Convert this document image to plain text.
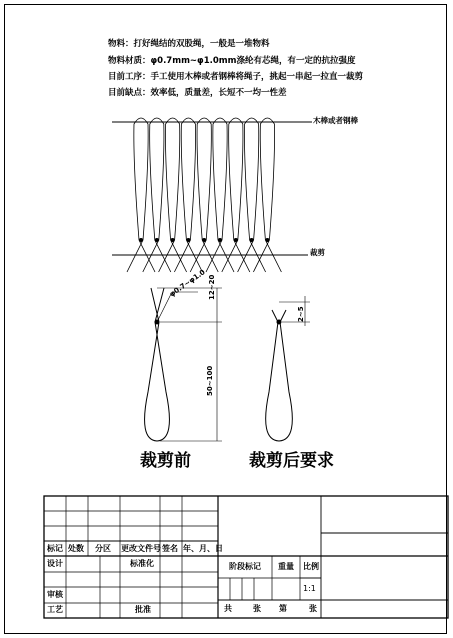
物料：打好绳结的双股绳，一般是一堆物料
物料材质：φ0.7mm~φ1.0mm涤纶有芯绳，有一定的抗拉强度
目前工序：手工使用木棒或者钢棒将绳子，挑起一串起一拉直一裁剪
目前缺点：效率低，质量差，长短不一均一性差
木棒或者钢棒
裁剪
φ0.7~φ1.0 12~20
50~100
2~5
裁剪前	裁剪后要求
标记 处数 分区 更改文件号 签名 年、月、日
设计	标准化	阶段标记 重量 比例
1:1
审核
工艺	批准	共	张 第	张
